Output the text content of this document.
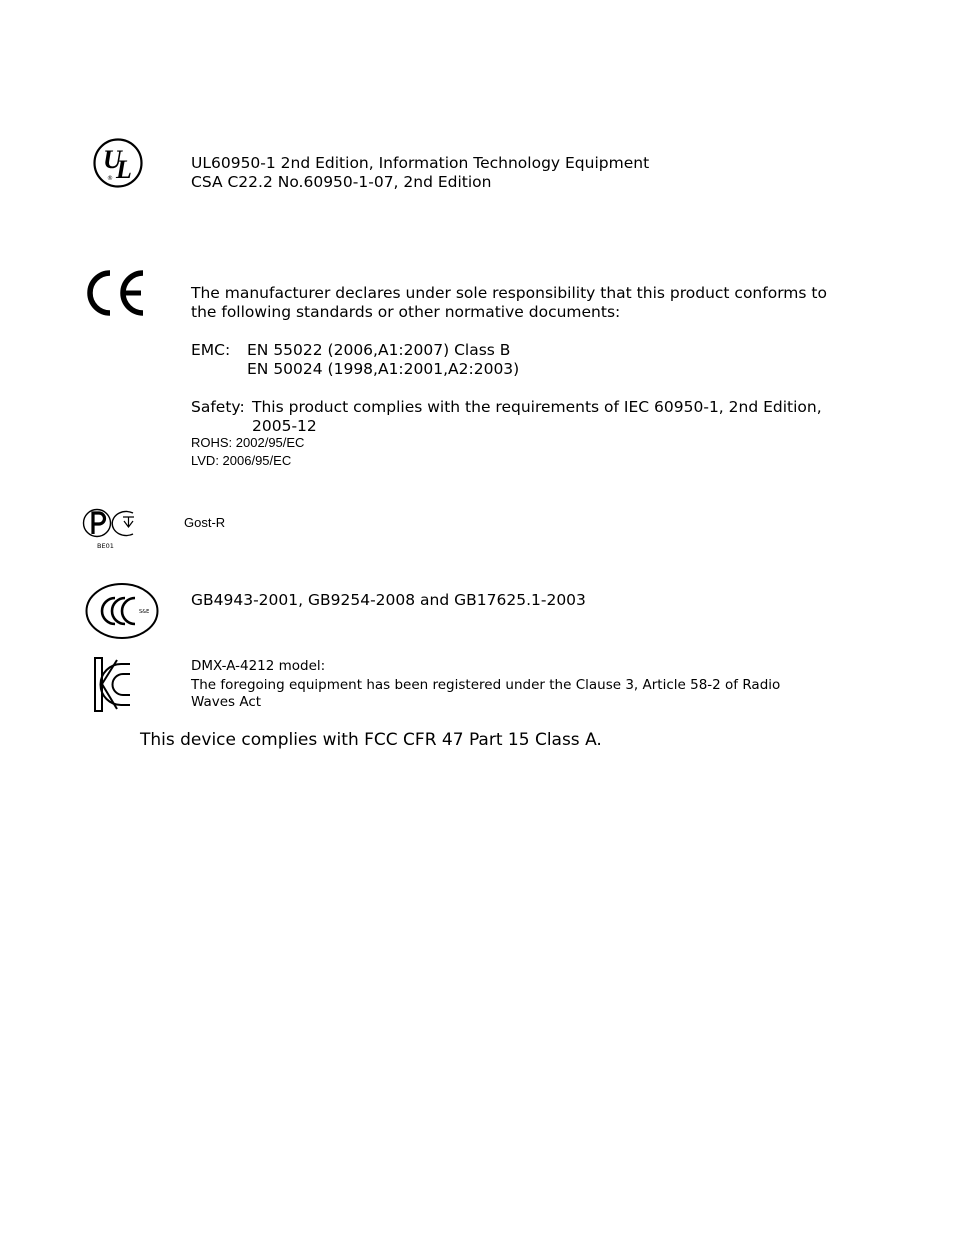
U
L
®
UL60950-1 2nd Edition, Information Technology Equipment
CSA C22.2 No.60950-1-07, 2nd Edition
The manufacturer declares under sole responsibility that this product conforms to
the following standards or other normative documents:
EMC: EN 55022 (2006,A1:2007) Class B
EN 50024 (1998,A1:2001,A2:2003)
Safety: This product complies with the requirements of IEC 60950-1, 2nd Edition,
2005-12
ROHS: 2002/95/EC
LVD: 2006/95/EC
ВЕ01
Gost-R
S&E
GB4943-2001, GB9254-2008 and GB17625.1-2003
DMX-A-4212 model:
The foregoing equipment has been registered under the Clause 3, Article 58-2 of Radio
Waves Act
This device complies with FCC CFR 47 Part 15 Class A.
